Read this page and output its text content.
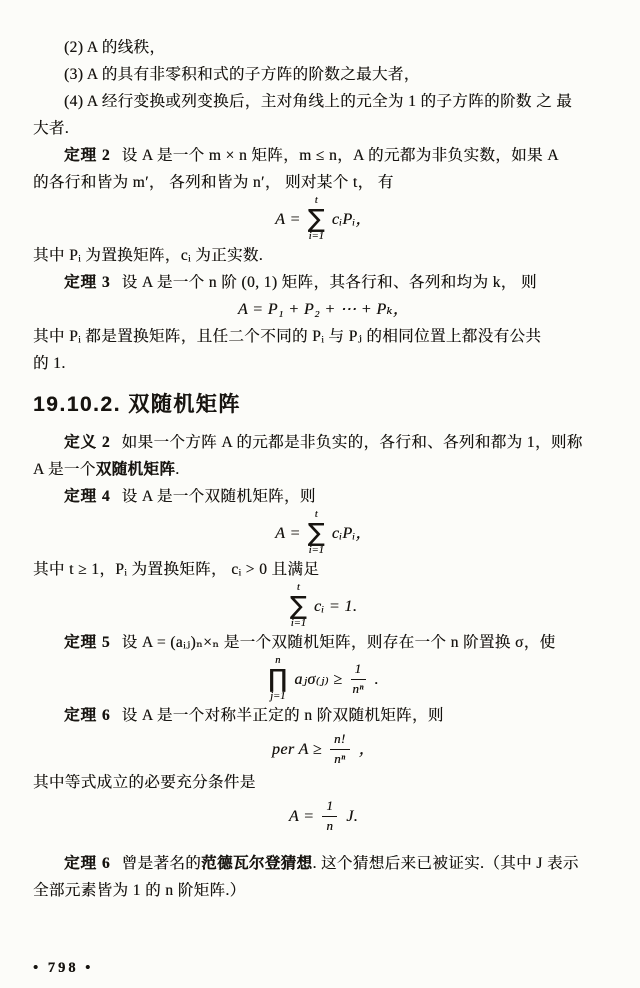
(2) A 的线秩，
(3) A 的具有非零积和式的子方阵的阶数之最大者，
(4) A 经行变换或列变换后，主对角线上的元全为 1 的子方阵的阶数 之 最
大者.
定理 2 设 A 是一个 m × n 矩阵，m ≤ n，A 的元都为非负实数，如果 A
的各行和皆为 m′， 各列和皆为 n′， 则对某个 t， 有
A =
t
∑
i=1
cᵢPᵢ，
其中 Pᵢ 为置换矩阵，cᵢ 为正实数.
定理 3 设 A 是一个 n 阶 (0, 1) 矩阵，其各行和、各列和均为 k， 则
A = P₁ + P₂ + ⋯ + Pₖ，
其中 Pᵢ 都是置换矩阵，且任二个不同的 Pᵢ 与 Pⱼ 的相同位置上都没有公共
的 1.
19.10.2. 双随机矩阵
定义 2 如果一个方阵 A 的元都是非负实的，各行和、各列和都为 1，则称
A 是一个双随机矩阵.
定理 4 设 A 是一个双随机矩阵，则
A =
t
∑
i=1
cᵢPᵢ，
其中 t ≥ 1，Pᵢ 为置换矩阵， cᵢ > 0 且满足
t
∑
i=1
cᵢ = 1.
定理 5 设 A = (aᵢⱼ)ₙ×ₙ 是一个双随机矩阵，则存在一个 n 阶置换 σ，使
n
∏
j=1
aⱼσ₍ⱼ₎ ≥ $\frac{1}{\text{nⁿ}}$ .
定理 6 设 A 是一个对称半正定的 n 阶双随机矩阵，则
per $A \ge \frac{n!}{\text{nⁿ}}$ ，
其中等式成立的必要充分条件是
$A = \frac{1}{n} J$.
定理 6 曾是著名的范德瓦尔登猜想. 这个猜想后来已被证实.（其中 J 表示
全部元素皆为 1 的 n 阶矩阵.）
• 798 •
